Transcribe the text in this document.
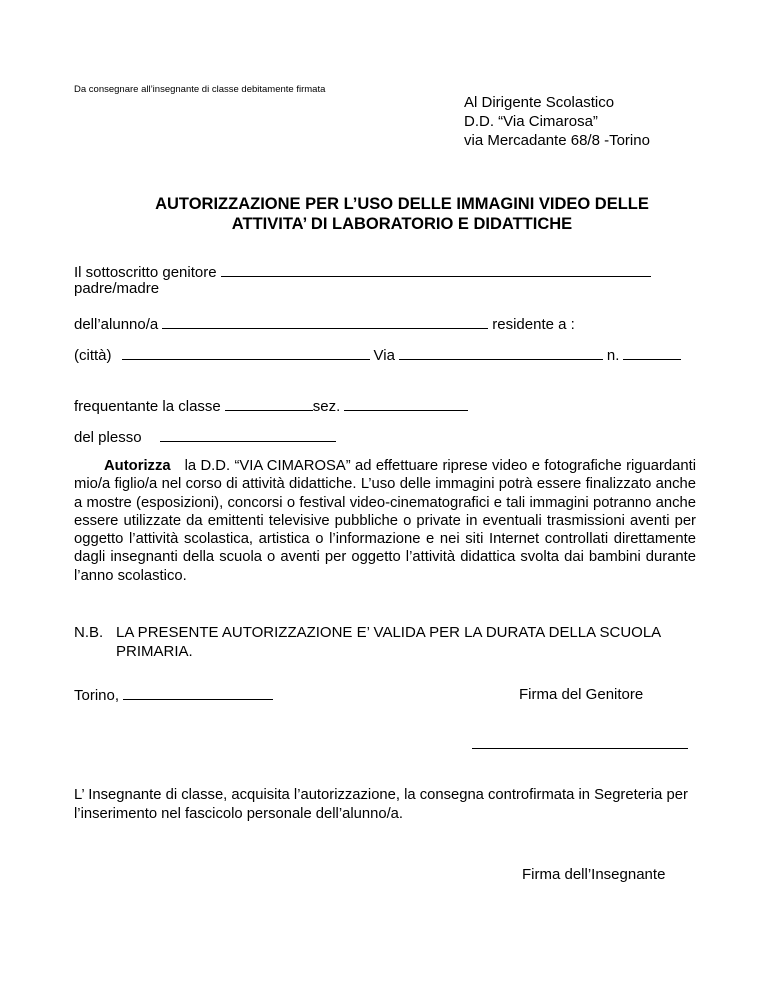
Da consegnare all’insegnante di classe debitamente firmata
Al Dirigente Scolastico
D.D. “Via Cimarosa”
via Mercadante 68/8 -Torino
AUTORIZZAZIONE PER L’USO DELLE IMMAGINI VIDEO DELLE
ATTIVITA’ DI LABORATORIO E DIDATTICHE
Il sottoscritto genitore
padre/madre
dell’alunno/a	residente a :
(città)	Via	n.
frequentante la classe	sez.
del plesso
Autorizza la D.D. “VIA CIMAROSA” ad effettuare riprese video e fotografiche riguardanti mio/a figlio/a nel corso di attività didattiche. L’uso delle immagini potrà essere finalizzato anche a mostre (esposizioni), concorsi o festival video-cinematografici e tali immagini potranno anche essere utilizzate da emittenti televisive pubbliche o private in eventuali trasmissioni aventi per oggetto l’attività scolastica, artistica o l’informazione e nei siti Internet controllati direttamente dagli insegnanti della scuola o aventi per oggetto l’attività didattica svolta dai bambini durante l’anno scolastico.
N.B. LA PRESENTE AUTORIZZAZIONE E’ VALIDA PER LA DURATA DELLA SCUOLA
PRIMARIA.
Torino,	Firma del Genitore
L’ Insegnante di classe, acquisita l’autorizzazione, la consegna controfirmata in Segreteria per l’inserimento nel fascicolo personale dell’alunno/a.
Firma dell’Insegnante
